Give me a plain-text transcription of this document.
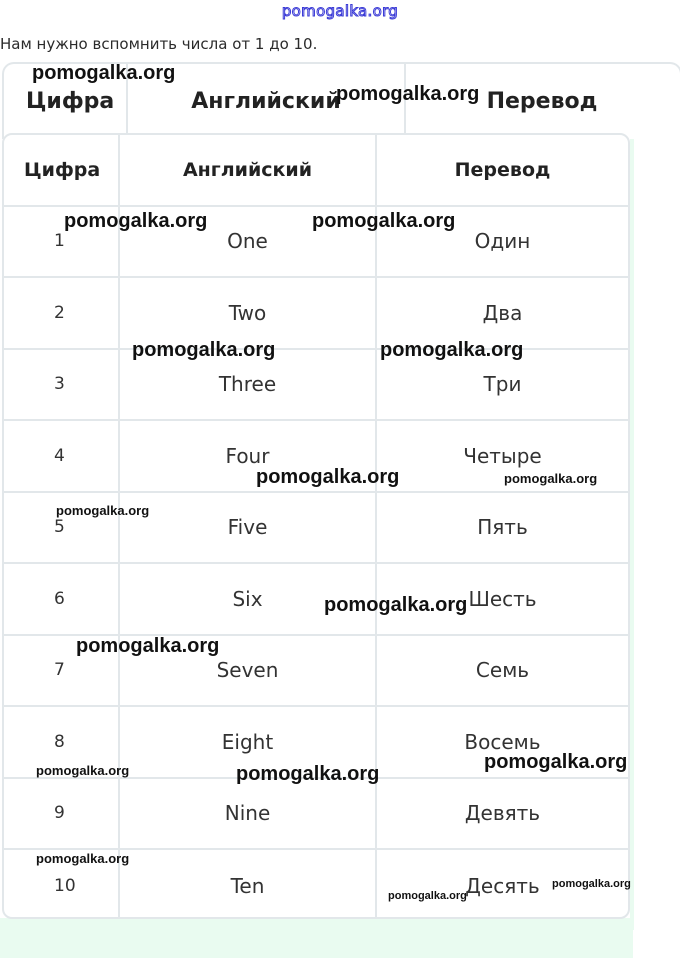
pomogalka.org
Нам нужно вспомнить числа от 1 до 10.
Цифра	Английский	Перевод
Цифра	Английский	Перевод
1	One	Один
2	Two	Два
3	Three	Три
4	Four	Четыре
5	Five	Пять
6	Six	Шесть
7	Seven	Семь
8	Eight	Восемь
9	Nine	Девять
10	Ten	Десять
pomogalka.org
pomogalka.org
pomogalka.org	pomogalka.org
pomogalka.org	pomogalka.org
pomogalka.org	pomogalka.org
pomogalka.org
pomogalka.org
pomogalka.org
pomogalka.org
pomogalka.org	pomogalka.org
pomogalka.org
pomogalka.org
pomogalka.org
